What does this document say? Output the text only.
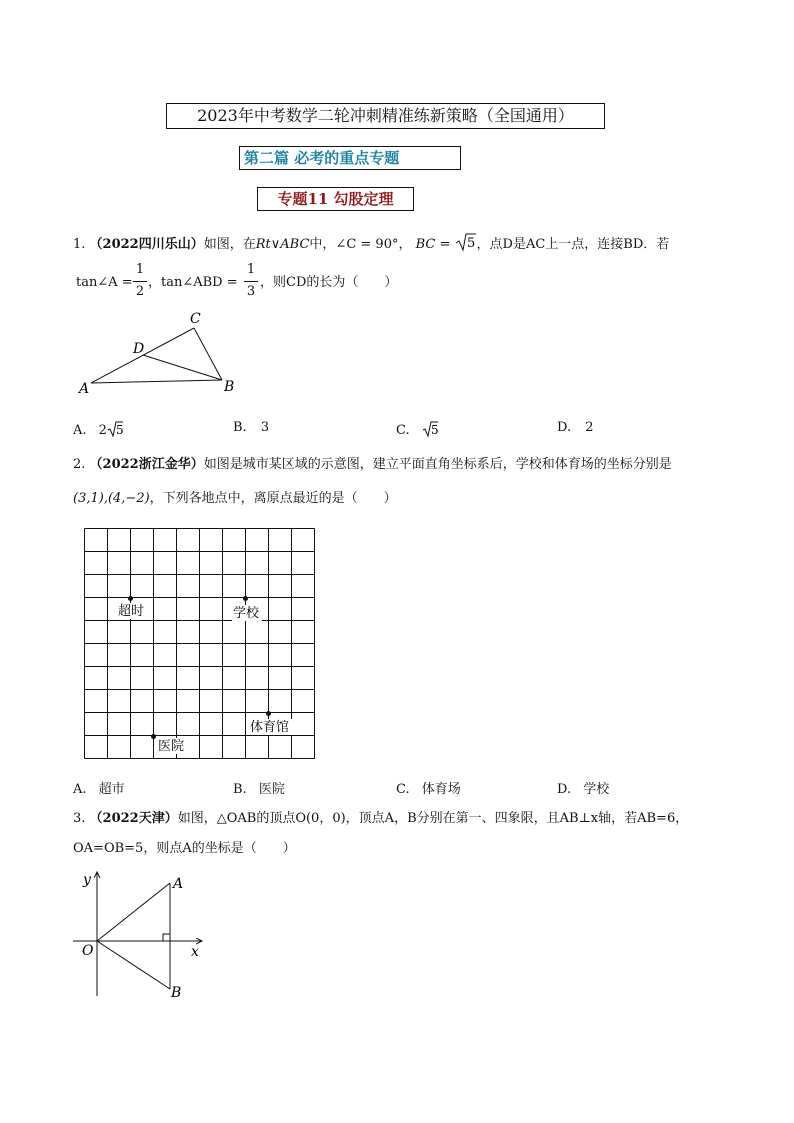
2023年中考数学二轮冲刺精准练新策略（全国通用）
第二篇 必考的重点专题
专题11 勾股定理
1. （2022四川乐山）如图，在Rt∨ABC中，∠C = 90°， BC = 5 ，点D是AC上一点，连接BD．若
tan∠A =
1
2
，tan∠ABD =
1
3
，则CD的长为（　　）
A	B
C
D
A. 2 5	B. 3	C. 5	D. 2
2. （2022浙江金华）如图是城市某区域的示意图，建立平面直角坐标系后，学校和体育场的坐标分别是
(3,1),(4,−2)，下列各地点中，离原点最近的是（　　）
超时	学校
医院
体育馆
A. 超市	B. 医院	C. 体育场	D. 学校
3. （2022天津）如图，△OAB的顶点O(0，0)，顶点A，B分别在第一、四象限，且AB⊥x轴，若AB=6，
OA=OB=5，则点A的坐标是（　　）
y
x
O
A
B
